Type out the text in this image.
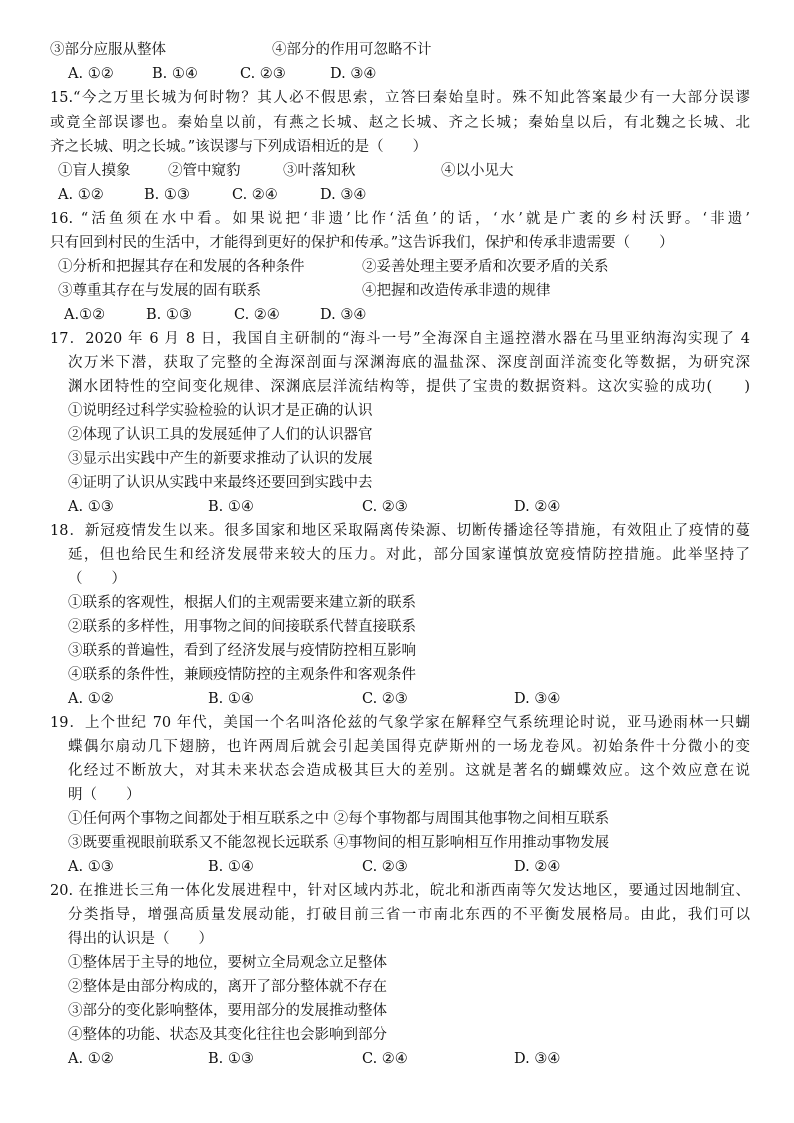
③部分应服从整体	④部分的作用可忽略不计
A. ①②	B. ①④	C. ②③	D. ③④
15.“今之万里长城为何时物？其人必不假思索，立答曰秦始皇时。殊不知此答案最少有一大部分误谬
或竟全部误谬也。秦始皇以前，有燕之长城、赵之长城、齐之长城；秦始皇以后，有北魏之长城、北
齐之长城、明之长城。”该误谬与下列成语相近的是（　　）
①盲人摸象	②管中窥豹	③叶落知秋	④以小见大
A. ①②	B. ①③	C. ②④	D. ③④
16. “活鱼须在水中看。如果说把‘非遗’比作‘活鱼’的话，‘水’就是广袤的乡村沃野。‘非遗’
只有回到村民的生活中，才能得到更好的保护和传承。”这告诉我们，保护和传承非遗需要（　　）
①分析和把握其存在和发展的各种条件	②妥善处理主要矛盾和次要矛盾的关系
③尊重其存在与发展的固有联系	④把握和改造传承非遗的规律
A.①②	B. ①③	C. ②④	D. ③④
17．2020 年 6 月 8 日，我国自主研制的“海斗一号”全海深自主遥控潜水器在马里亚纳海沟实现了 4
次万米下潜，获取了完整的全海深剖面与深渊海底的温盐深、深度剖面洋流变化等数据，为研究深
渊水团特性的空间变化规律、深渊底层洋流结构等，提供了宝贵的数据资料。这次实验的成功(　　)
①说明经过科学实验检验的认识才是正确的认识
②体现了认识工具的发展延伸了人们的认识器官
③显示出实践中产生的新要求推动了认识的发展
④证明了认识从实践中来最终还要回到实践中去
A. ①③	B. ①④	C. ②③	D. ②④
18．新冠疫情发生以来。很多国家和地区采取隔离传染源、切断传播途径等措施，有效阻止了疫情的蔓
延，但也给民生和经济发展带来较大的压力。对此，部分国家谨慎放宽疫情防控措施。此举坚持了
（　　）
①联系的客观性，根据人们的主观需要来建立新的联系
②联系的多样性，用事物之间的间接联系代替直接联系
③联系的普遍性，看到了经济发展与疫情防控相互影响
④联系的条件性，兼顾疫情防控的主观条件和客观条件
A. ①②	B. ①④	C. ②③	D. ③④
19．上个世纪 70 年代，美国一个名叫洛伦兹的气象学家在解释空气系统理论时说，亚马逊雨林一只蝴
蝶偶尔扇动几下翅膀，也许两周后就会引起美国得克萨斯州的一场龙卷风。初始条件十分微小的变
化经过不断放大，对其未来状态会造成极其巨大的差别。这就是著名的蝴蝶效应。这个效应意在说
明（　　）
①任何两个事物之间都处于相互联系之中 ②每个事物都与周围其他事物之间相互联系
③既要重视眼前联系又不能忽视长远联系 ④事物间的相互影响相互作用推动事物发展
A. ①③	B. ①④	C. ②③	D. ②④
20. 在推进长三角一体化发展进程中，针对区域内苏北，皖北和浙西南等欠发达地区，要通过因地制宜、
分类指导，增强高质量发展动能，打破目前三省一市南北东西的不平衡发展格局。由此，我们可以
得出的认识是（　　）
①整体居于主导的地位，要树立全局观念立足整体
②整体是由部分构成的，离开了部分整体就不存在
③部分的变化影响整体，要用部分的发展推动整体
④整体的功能、状态及其变化往往也会影响到部分
A. ①②	B. ①③	C. ②④	D. ③④
